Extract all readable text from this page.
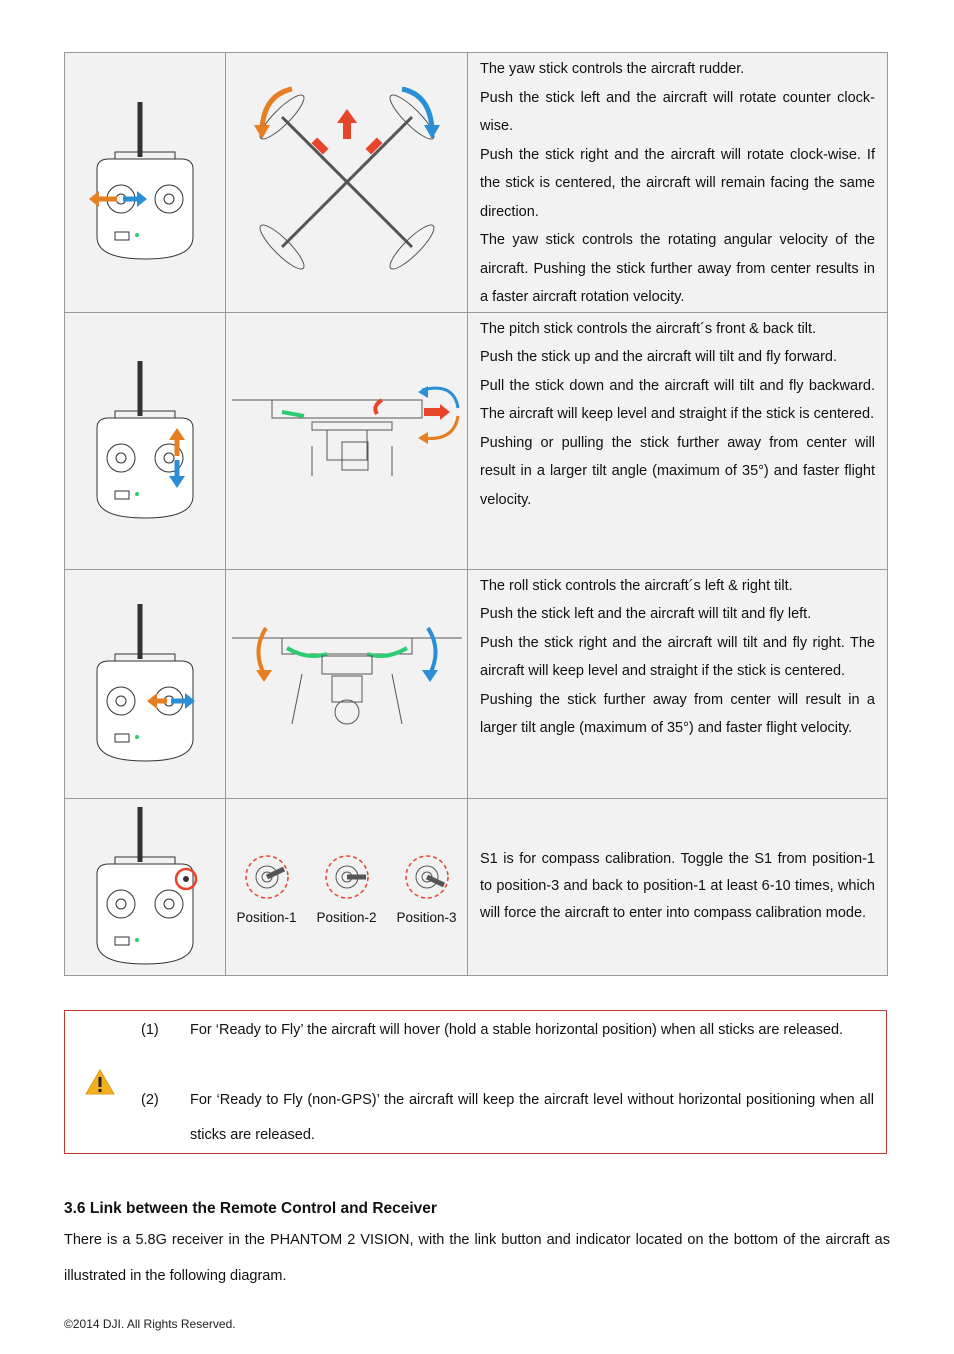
The yaw stick controls the aircraft rudder.

Push the stick left and the aircraft will rotate counter clock-wise.

Push the stick right and the aircraft will rotate clock-wise. If the stick is centered, the aircraft will remain facing the same direction.

The yaw stick controls the rotating angular velocity of the aircraft. Pushing the stick further away from center results in a faster aircraft rotation velocity.

The pitch stick controls the aircraft´s front & back tilt.

Push the stick up and the aircraft will tilt and fly forward.

Pull the stick down and the aircraft will tilt and fly backward. The aircraft will keep level and straight if the stick is centered.

Pushing or pulling the stick further away from center will result in a larger tilt angle (maximum of 35°) and faster flight velocity.

The roll stick controls the aircraft´s left & right tilt.

Push the stick left and the aircraft will tilt and fly left.

Push the stick right and the aircraft will tilt and fly right. The aircraft will keep level and straight if the stick is centered.

Pushing the stick further away from center will result in a larger tilt angle (maximum of 35°) and faster flight velocity.

Position-1 Position-2 Position-3	S1 is for compass calibration. Toggle the S1 from position-1 to position-3 and back to position-1 at least 6-10 times, which will force the aircraft to enter into compass calibration mode.

(1)	For ‘Ready to Fly’ the aircraft will hover (hold a stable horizontal position) when all sticks are released.
(2)	For ‘Ready to Fly (non-GPS)’ the aircraft will keep the aircraft level without horizontal positioning when all sticks are released.
3.6 Link between the Remote Control and Receiver
There is a 5.8G receiver in the PHANTOM 2 VISION, with the link button and indicator located on the bottom of the aircraft as illustrated in the following diagram.
©2014 DJI. All Rights Reserved.
